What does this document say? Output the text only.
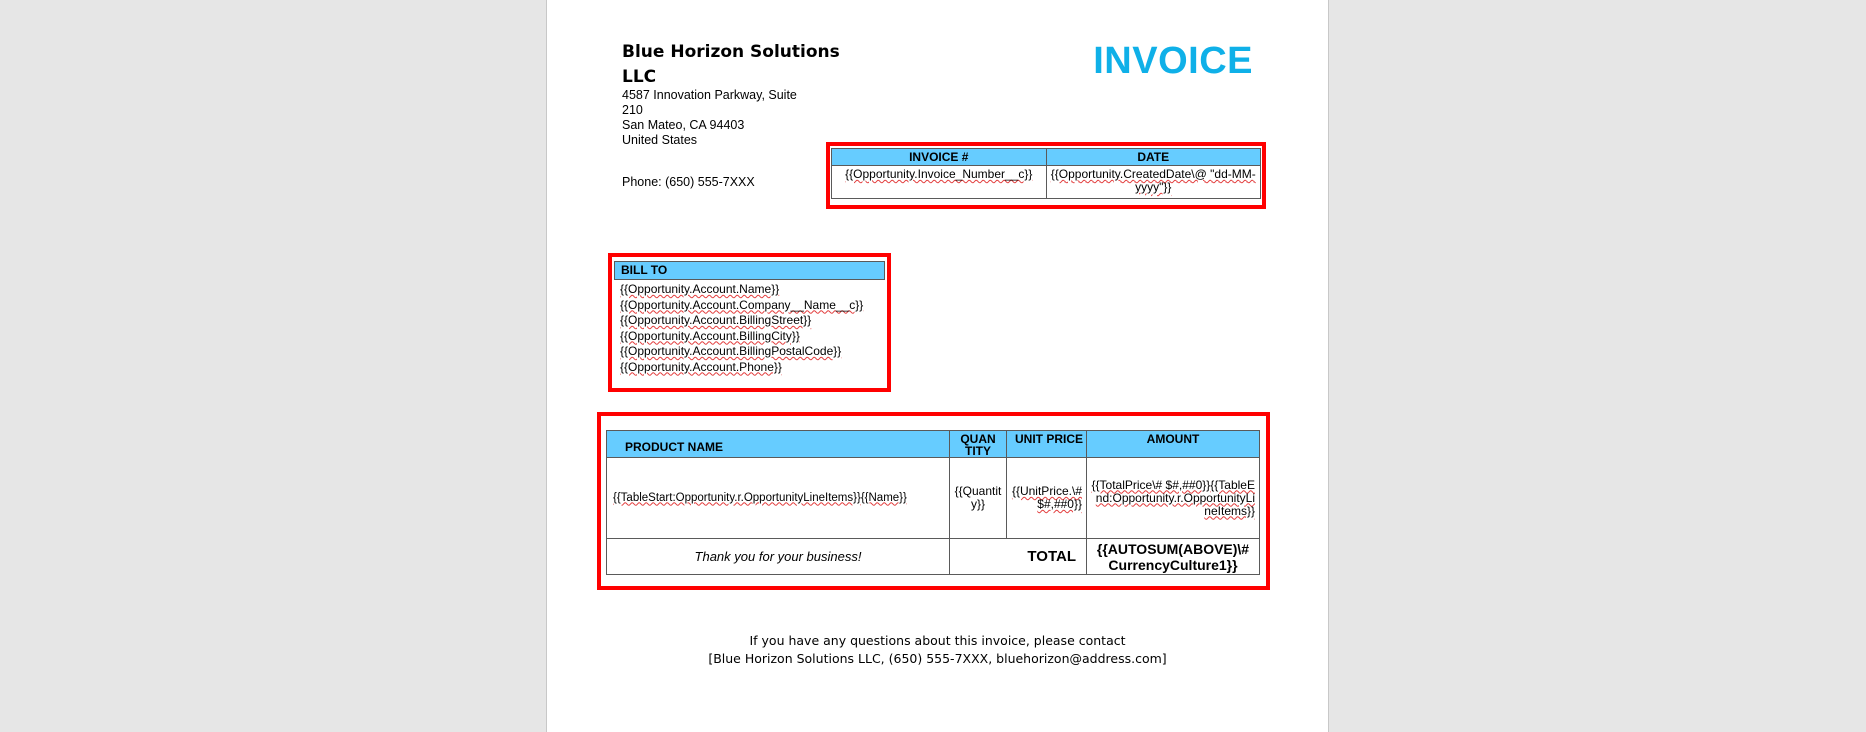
Blue Horizon Solutions LLC
4587 Innovation Parkway, Suite
210
San Mateo, CA 94403
United States
Phone: (650) 555-7XXX
INVOICE
INVOICE #	DATE
{{Opportunity.Invoice_Number__c}}	{{Opportunity.CreatedDate\@ "dd-MM-yyyy"}}
BILL TO
{{Opportunity.Account.Name}}
{{Opportunity.Account.Company__Name__c}}
{{Opportunity.Account.BillingStreet}}
{{Opportunity.Account.BillingCity}}
{{Opportunity.Account.BillingPostalCode}}
{{Opportunity.Account.Phone}}
PRODUCT NAME	QUAN TITY	UNIT PRICE	AMOUNT
{{TableStart:Opportunity.r.OpportunityLineItems}}{{Name}}	{{Quantity}}	{{UnitPrice.\# $#,##0}}	{{TotalPrice\# $#,##0}}{{TableEnd:Opportunity.r.OpportunityLineItems}}
Thank you for your business!	TOTAL		{{AUTOSUM(ABOVE)\# CurrencyCulture1}}
If you have any questions about this invoice, please contact
[Blue Horizon Solutions LLC, (650) 555-7XXX, bluehorizon@address.com]
